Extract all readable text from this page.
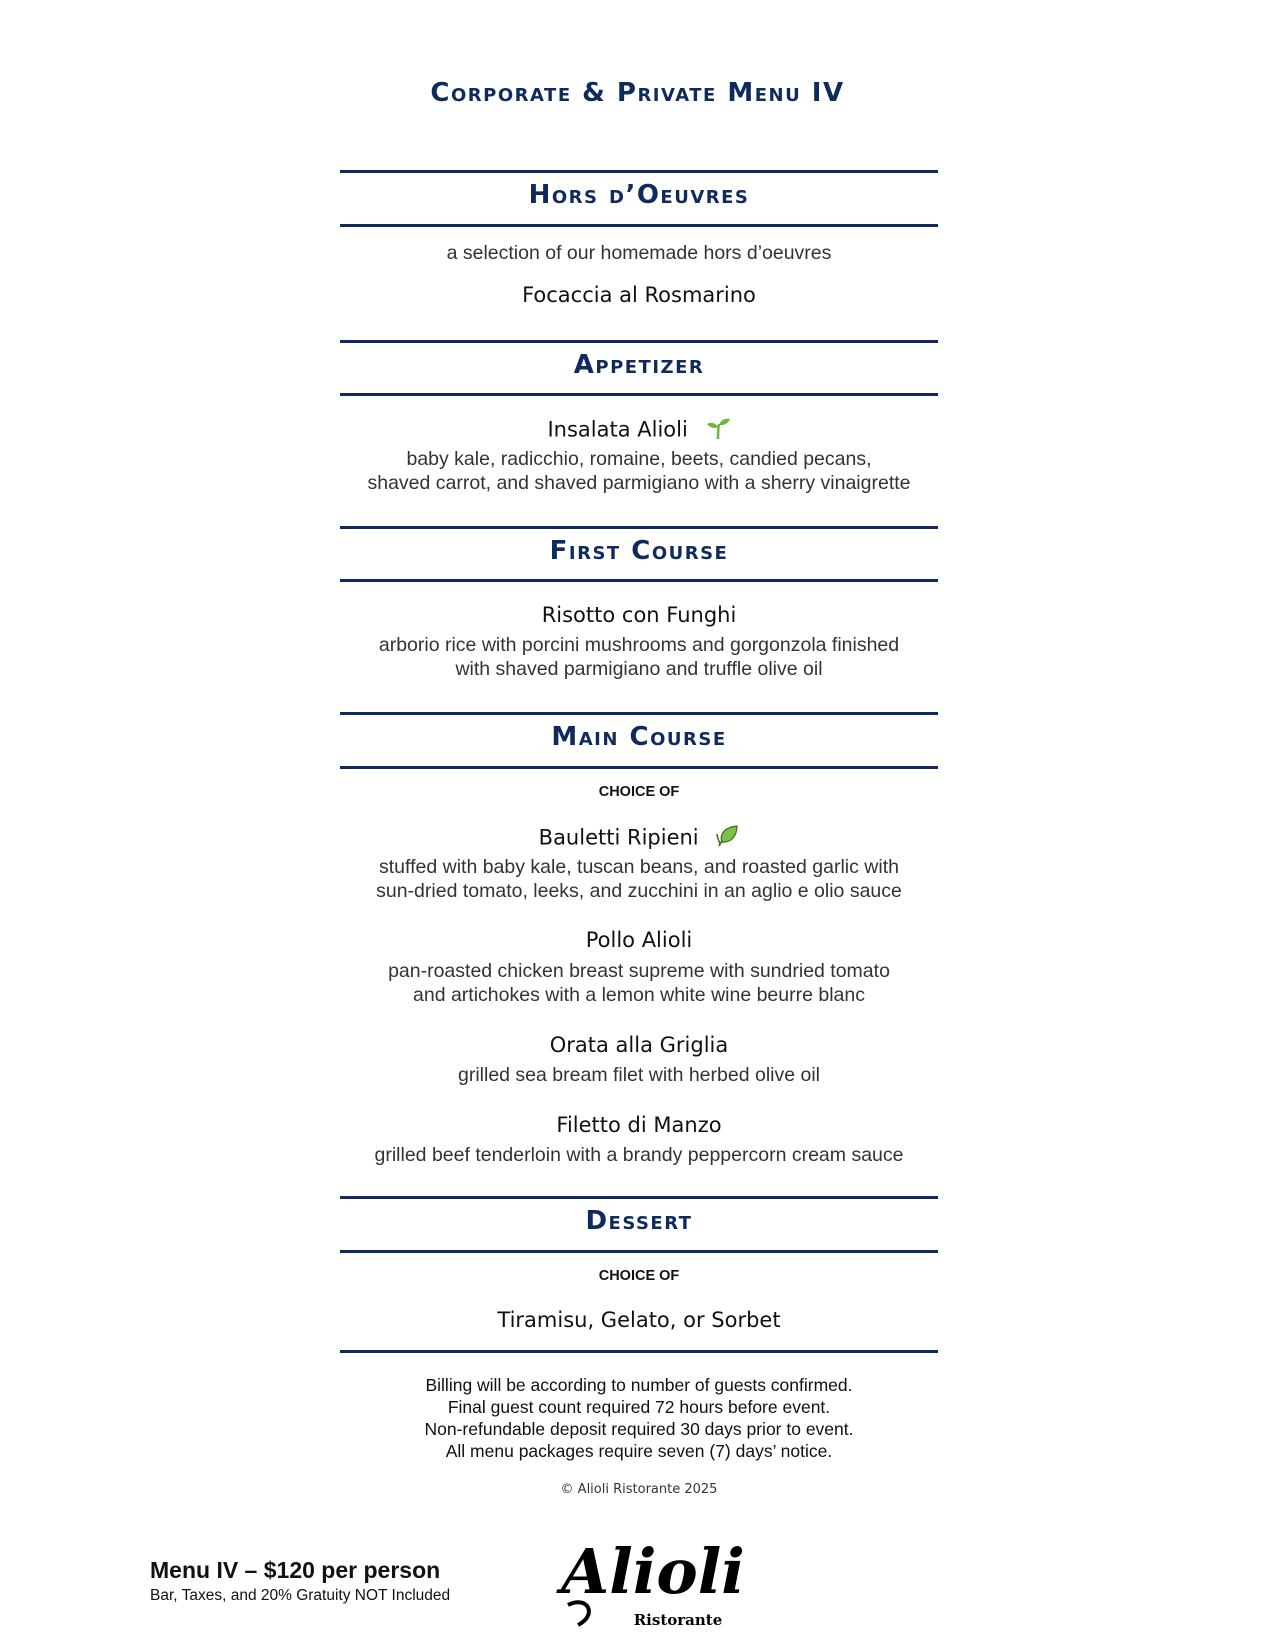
Corporate & Private Menu IV
Hors d’Oeuvres
a selection of our homemade hors d’oeuvres
Focaccia al Rosmarino
Appetizer
Insalata Alioli
baby kale, radicchio, romaine, beets, candied pecans,
shaved carrot, and shaved parmigiano with a sherry vinaigrette
First Course
Risotto con Funghi
arborio rice with porcini mushrooms and gorgonzola finished
with shaved parmigiano and truffle olive oil
Main Course
CHOICE OF
Bauletti Ripieni
stuffed with baby kale, tuscan beans, and roasted garlic with
sun-dried tomato, leeks, and zucchini in an aglio e olio sauce
Pollo Alioli
pan-roasted chicken breast supreme with sundried tomato
and artichokes with a lemon white wine beurre blanc
Orata alla Griglia
grilled sea bream filet with herbed olive oil
Filetto di Manzo
grilled beef tenderloin with a brandy peppercorn cream sauce
Dessert
CHOICE OF
Tiramisu, Gelato, or Sorbet
Billing will be according to number of guests confirmed.
Final guest count required 72 hours before event.
Non-refundable deposit required 30 days prior to event.
All menu packages require seven (7) days’ notice.
© Alioli Ristorante 2025
Menu IV – $120 per person
Bar, Taxes, and 20% Gratuity NOT Included Alioli
Ristorante
